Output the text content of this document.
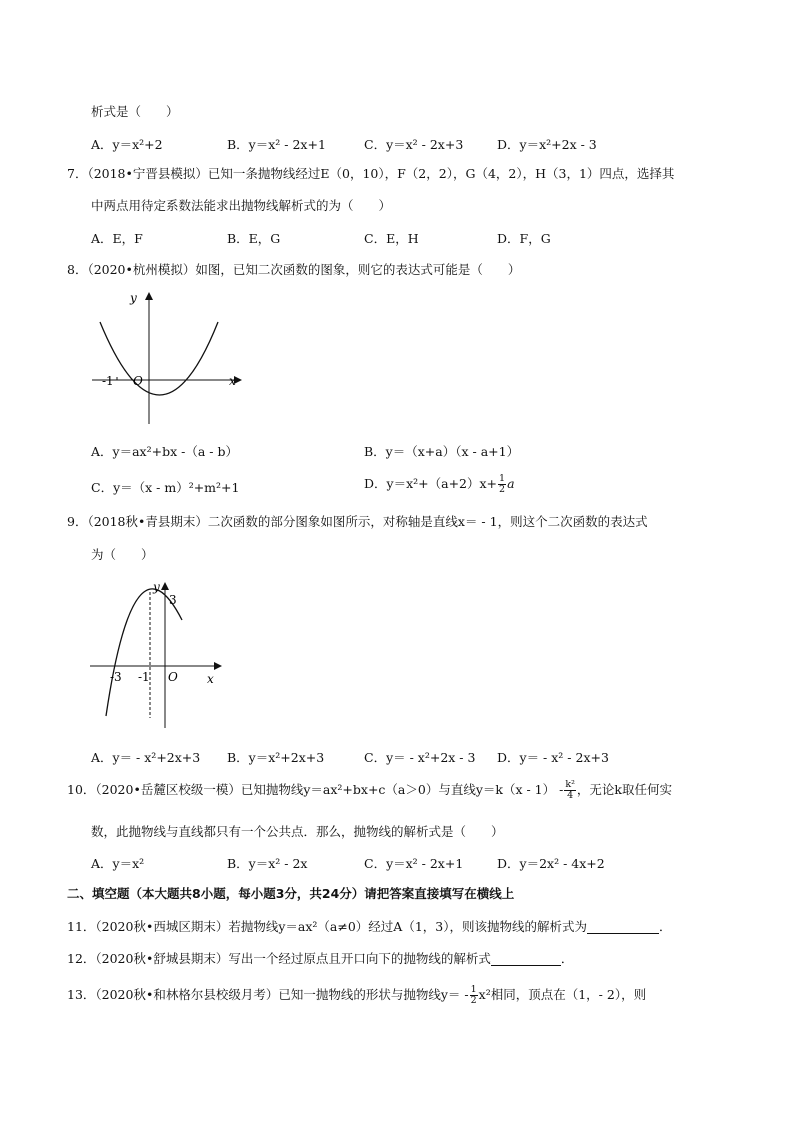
析式是（　　）
A．y＝x²+2	B．y＝x² - 2x+1	C．y＝x² - 2x+3	D．y＝x²+2x - 3
7．（2018•宁晋县模拟）已知一条抛物线经过E（0，10），F（2，2），G（4，2），H（3，1）四点，选择其
中两点用待定系数法能求出抛物线解析式的为（　　）
A．E，F	B．E，G	C．E，H	D．F，G
8．（2020•杭州模拟）如图，已知二次函数的图象，则它的表达式可能是（　　）
y
x
O
-1
A．y＝ax²+bx -（a - b）	B．y＝（x+a）（x - a+1）
C．y＝（x - m）²+m²+1	D．$y=x^2+(a+2)x+ \frac{1}{2}$ a
9．（2018秋•青县期末）二次函数的部分图象如图所示，对称轴是直线x＝ - 1，则这个二次函数的表达式
为（　　）
y
3
x
O
-3 -1
A．y＝ - x²+2x+3 B．y＝x²+2x+3	C．y＝ - x²+2x - 3 D．y＝ - x² - 2x+3
10．（2020•岳麓区校级一模）已知抛物线y＝ax²+bx+c（a＞0）与直线$y=k(x - 1) - \frac{\text{k²}}{4}$ ，无论k取任何实
数，此抛物线与直线都只有一个公共点．那么，抛物线的解析式是（　　）
A．y＝x²	B．y＝x² - 2x	C．y＝x² - 2x+1	D．y＝2x² - 4x+2
二、填空题（本大题共8小题，每小题3分，共24分）请把答案直接填写在横线上
11．（2020秋•西城区期末）若抛物线y＝ax²（a≠0）经过A（1，3），则该抛物线的解析式为	．
12．（2020秋•舒城县期末）写出一个经过原点且开口向下的抛物线的解析式	．
13．（2020秋•和林格尔县校级月考）已知一抛物线的形状与抛物线$y= - \frac{1}{2} x^2$相同，顶点在（1，- 2），则
